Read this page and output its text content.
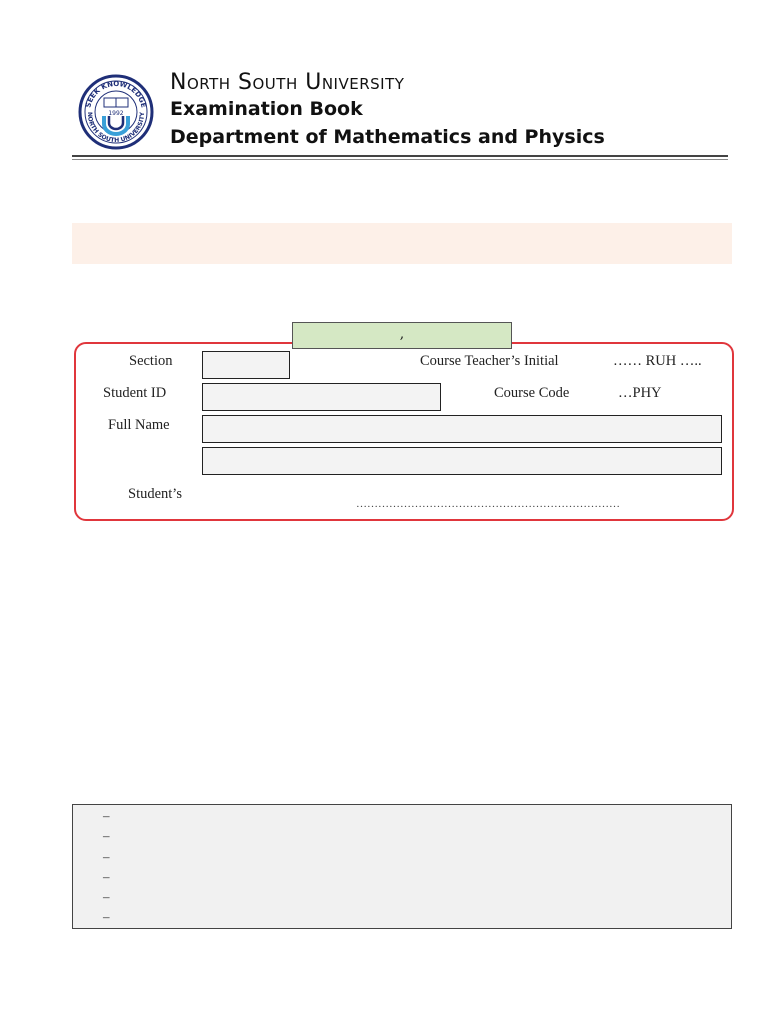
SEEK KNOWLEDGE
NORTH SOUTH UNIVERSITY
1992
North South University
Examination Book
Department of Mathematics and Physics
,
Section	Course Teacher’s Initial	…… RUH …..
Student ID	Course Code	…PHY
Full Name
Student’s
………………………………………………………………
–
–
–
–
–
–
